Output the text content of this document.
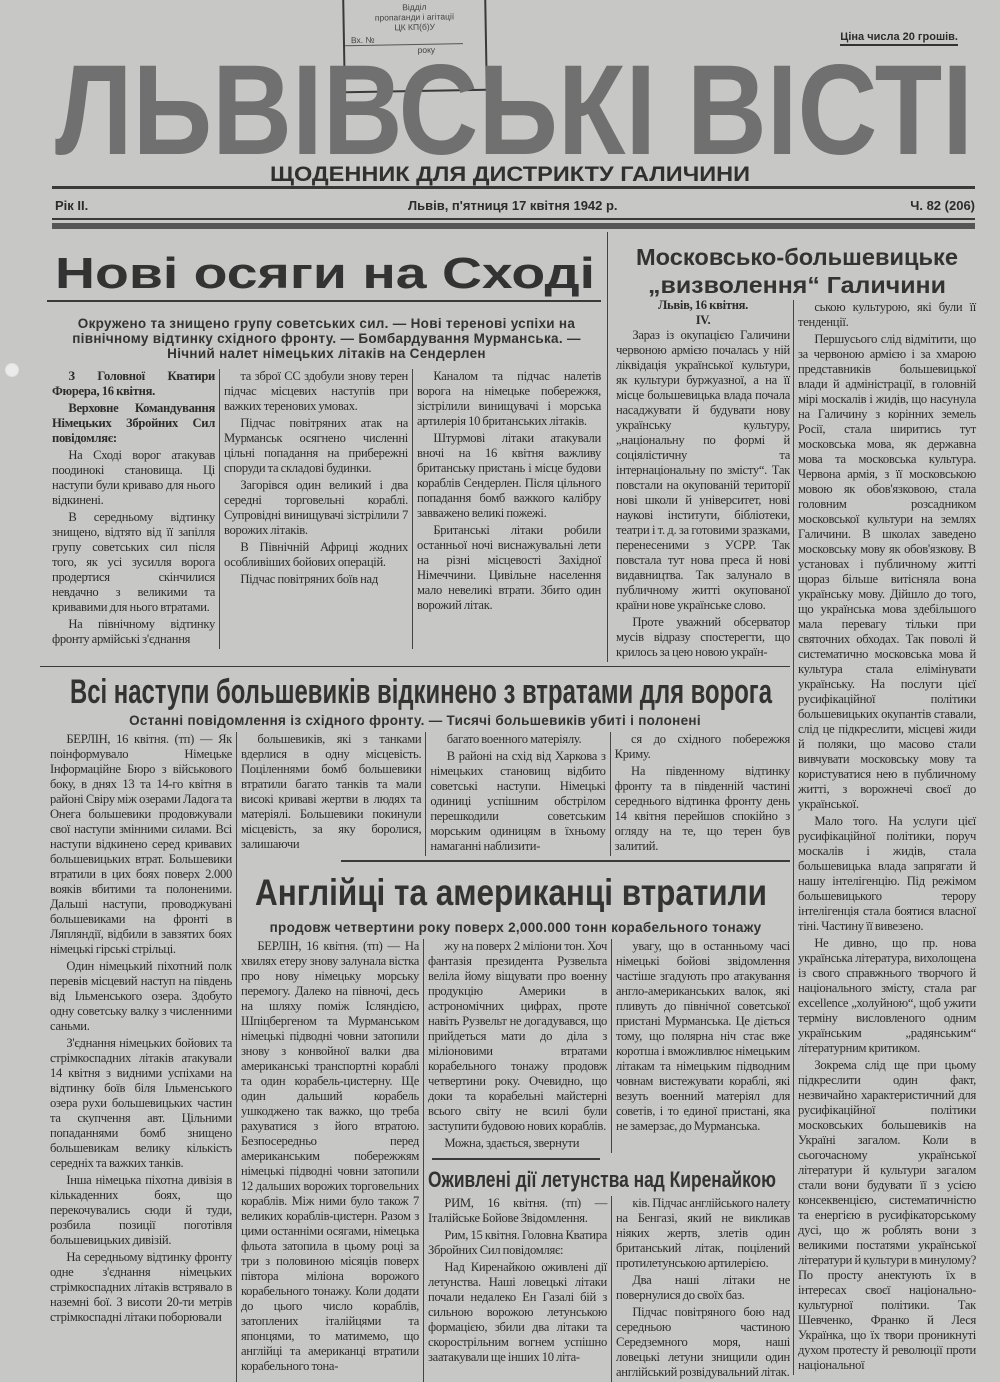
Відділ
пропаганди і агітації
ЦК КП(б)У
Вх. №
року
Ціна числа 20 грошів.
ЛЬВІВСЬКІ ВІСТІ
ЩОДЕННИК ДЛЯ ДИСТРИКТУ ГАЛИЧИНИ
Рік II.	Львів, п'ятниця 17 квітня 1942 р.	Ч. 82 (206)
Московсько-большевицьке
„визволення“ Галичини

ською культурою, які були її тенденції.

Першусього слід відмітити, що за червоною армією і за хмарою представників большевицької влади й адміністрації, в головній мірі москалів і жидів, що насунула на Галичину з корінних земель Росії, стала ширитись тут московська мова, як державна мова та московська культура. Червона армія, з її московською мовою як обов'язковою, стала головним розсадником московської культури на землях Галичини. В школах заведено московську мову як обов'язкову. В установах і публичному житті щораз більше витісняла вона українську мову. Дійшло до того, що українська мова здебільшого мала перевагу тільки при святочних обходах. Так поволі й систематично московська мова й культура стала елімінувати українську. На послуги цієї русифікаційної політики большевицьких окупантів ставали, слід це підкреслити, місцеві жиди й поляки, що масово стали вивчувати московську мову та користуватися нею в публичному житті, з ворожнечі своєї до української.

Мало того. На услуги цієї русифікаційної політики, поруч москалів і жидів, стала большевицька влада запрягати й нашу інтелігенцію. Під режімом большевицького терору інтелігенція стала боятися власної тіні. Частину її вивезено.

Не дивно, що пр. нова українська література, вихолощена із свого справжнього творчого й національного змісту, стала par excellence „холуйною“, щоб ужити терміну висловленого одним українським „радянським“ літературним критиком.

Зокрема слід ще при цьому підкреслити один факт, незвичайно характеристичний для русифікаційної політики московських большевиків на Україні загалом. Коли в сьогочасному української літератури й культури загалом стали вони будувати її з усією консеквенцією, систематичністю та енергією в русифікаторському дусі, що ж роблять вони з великими постатями української літератури й культури в минулому? По просту анектують їх в інтересах своєї національно-культурної політики. Так Шевченко, Франко й Леся Українка, що їх твори проникнуті духом протесту й революції проти національної

Нові осяги на Сході
Окружено та знищено групу советських сил. — Нові теренові успіхи на північному відтинку східного фронту. — Бомбардування Мурманська. — Нічний налет німецьких літаків на Сендерлен

З Головної Кватири Фюрера, 16 квітня.

Верховне Командування Німецьких Збройних Сил повідомляє:

На Сході ворог атакував поодинокі становища. Ці наступи були криваво для нього відкинені.

В середньому відтинку знищено, відтято від її запілля групу советських сил після того, як усі зусилля ворога продертися скінчилися невдачно з великими та кривавими для нього втратами.

На північному відтинку фронту армійські з'єднання

та зброї СС здобули знову терен підчас місцевих наступів при важких теренових умовах.

Підчас повітряних атак на Мурманськ осягнено численні цільні попадання на прибережні споруди та складові будинки.

Загорівся один великий і два середні торговельні кораблі. Супровідні винищувачі зістрілили 7 ворожих літаків.

В Північній Африці жодних особливіших бойових операцій.

Підчас повітряних боїв над

Каналом та підчас налетів ворога на німецьке побережжя, зістрілили винищувачі і морська артилерія 10 британських літаків.

Штурмові літаки атакували вночі на 16 квітня важливу британську пристань і місце будови кораблів Сендерлен. Після цільного попадання бомб важкого калібру завважено великі пожежі.

Британські літаки робили останньої ночі виснажувальні лети на різні місцевості Західної Німеччини. Цивільне населення мало невеликі втрати. Збито один ворожий літак.

Львів, 16 квітня.
IV.

Зараз із окупацією Галичини червоною армією почалась у ній ліквідація української культури, як культури буржуазної, а на її місце большевицька влада почала насаджувати й будувати нову українську культуру, „національну по формі й соціялістичну та інтернаціональну по змісту“. Так повстали на окупованій території нові школи й університет, нові наукові інститути, бібліотеки, театри і т. д. за готовими зразками, перенесеними з УСРР. Так повстала тут нова преса й нові видавництва. Так залунало в публичному житті окупованої країни нове українське слово.

Проте уважний обсерватор мусів відразу спостерегти, що крилось за цею новою україн-

Всі наступи большевиків відкинено з втратами для ворога
Останні повідомлення із східного фронту. — Тисячі большевиків убиті і полонені

БЕРЛІН, 16 квітня. (тп) — Як поінформувало Німецьке Інформаційне Бюро з військового боку, в днях 13 та 14-го квітня в районі Свіру між озерами Ладога та Онега большевики продовжували свої наступи змінними силами. Всі наступи відкинено серед кривавих большевицьких втрат. Большевики втратили в цих боях поверх 2.000 вояків вбитими та полоненими. Дальші наступи, проводжувані большевиками на фронті в Ляпляндії, відбили в завзятих боях німецькі гірські стрільці.

Один німецький піхотний полк перевів місцевий наступ на південь від Ільменського озера. Здобуто одну советську валку з численними саньми.

З'єднання німецьких бойових та стрімкоспадних літаків атакували 14 квітня з видними успіхами на відтинку боїв біля Ільменського озера рухи большевицьких частин та скупчення авт. Цільними попаданнями бомб знищено большевикам велику кількість середніх та важких танків.

Інша німецька піхотна дивізія в кількаденних боях, що перекочувались сюди й туди, розбила позиції поготівля большевицьких дивізій.

На середньому відтинку фронту одне з'єднання німецьких стрімкоспадних літаків встрявало в наземні бої. З висоти 20-ти метрів стрімкоспадні літаки поборювали

большевиків, які з танками вдерлися в одну місцевість. Поціленнями бомб большевики втратили багато танків та мали високі криваві жертви в людях та матеріялі. Большевики покинули місцевість, за яку боролися, залишаючи

багато военного матеріялу.

В районі на схід від Харкова з німецьких становищ відбито советські наступи. Німецькі одиниці успішним обстрілом перешкодили советським морським одиницям в їхньому намаганні наблизити-

ся до східного побережжя Криму.

На південному відтинку фронту та в південній частині середнього відтинка фронту день 14 квітня перейшов спокійно з огляду на те, що терен був залитий.

Англійці та американці втратили
продовж четвертини року поверх 2,000.000 тонн корабельного тонажу

БЕРЛІН, 16 квітня. (тп) — На хвилях етеру знову залунала вістка про нову німецьку морську перемогу. Далеко на півночі, десь на шляху поміж Ісляндією, Шпіцбергеном та Мурманськом німецькі підводні човни затопили знову з конвойної валки два американські транспортні кораблі та один корабель-цистерну. Ще один дальший корабель ушкоджено так важко, що треба рахуватися з його втратою. Безпосередньо перед американським побережжям німецькі підводні човни затопили 12 дальших ворожих торговельних кораблів. Між ними було також 7 великих кораблів-цистерн. Разом з цими останніми осягами, німецька фльота затопила в цьому році за три з половиною місяців поверх півтора міліона ворожого корабельного тонажу. Коли додати до цього число кораблів, затоплених італійцями та японцями, то матимемо, що англійці та американці втратили корабельного тона-

жу на поверх 2 міліони тон. Хоч фантазія президента Рузвельта веліла йому віщувати про военну продукцію Америки в астрономічних цифрах, проте навіть Рузвельт не догадувався, що прийдеться мати до діла з міліоновими втратами корабельного тонажу продовж четвертини року. Очевидно, що доки та корабельні майстерні всього світу не всилі були заступити будовою нових кораблів.

Можна, здається, звернути

увагу, що в останньому часі німецькі бойові звідомлення частіше згадують про атакування англо-американських валок, які пливуть до північної советської пристані Мурманська. Це діється тому, що полярна ніч стає вже коротша і вможливлює німецьким літакам та німецьким підводним човнам вистежувати кораблі, які везуть военний матеріял для советів, і то единої пристані, яка не замерзає, до Мурманська.

Оживлені дії летунства над Киренайкою

РИМ, 16 квітня. (тп) — Італійське Бойове Звідомлення.

Рим, 15 квітня. Головна Кватира Збройних Сил повідомляє:

Над Киренайкою оживлені дії летунства. Наші ловецькі літаки почали недалеко Ен Газалі бій з сильною ворожою летунською формацією, збили два літаки та скорострільним вогнем успішно заатакували ще інших 10 літа-

ків. Підчас англійського налету на Бенгазі, який не викликав ніяких жертв, злетів один британський літак, поцілений протилетунською артилерією.

Два наші літаки не повернулися до своїх баз.

Підчас повітряного бою над середньою частиною Середземного моря, наші ловецькі летуни знищили один англійський розвідувальний літак.
